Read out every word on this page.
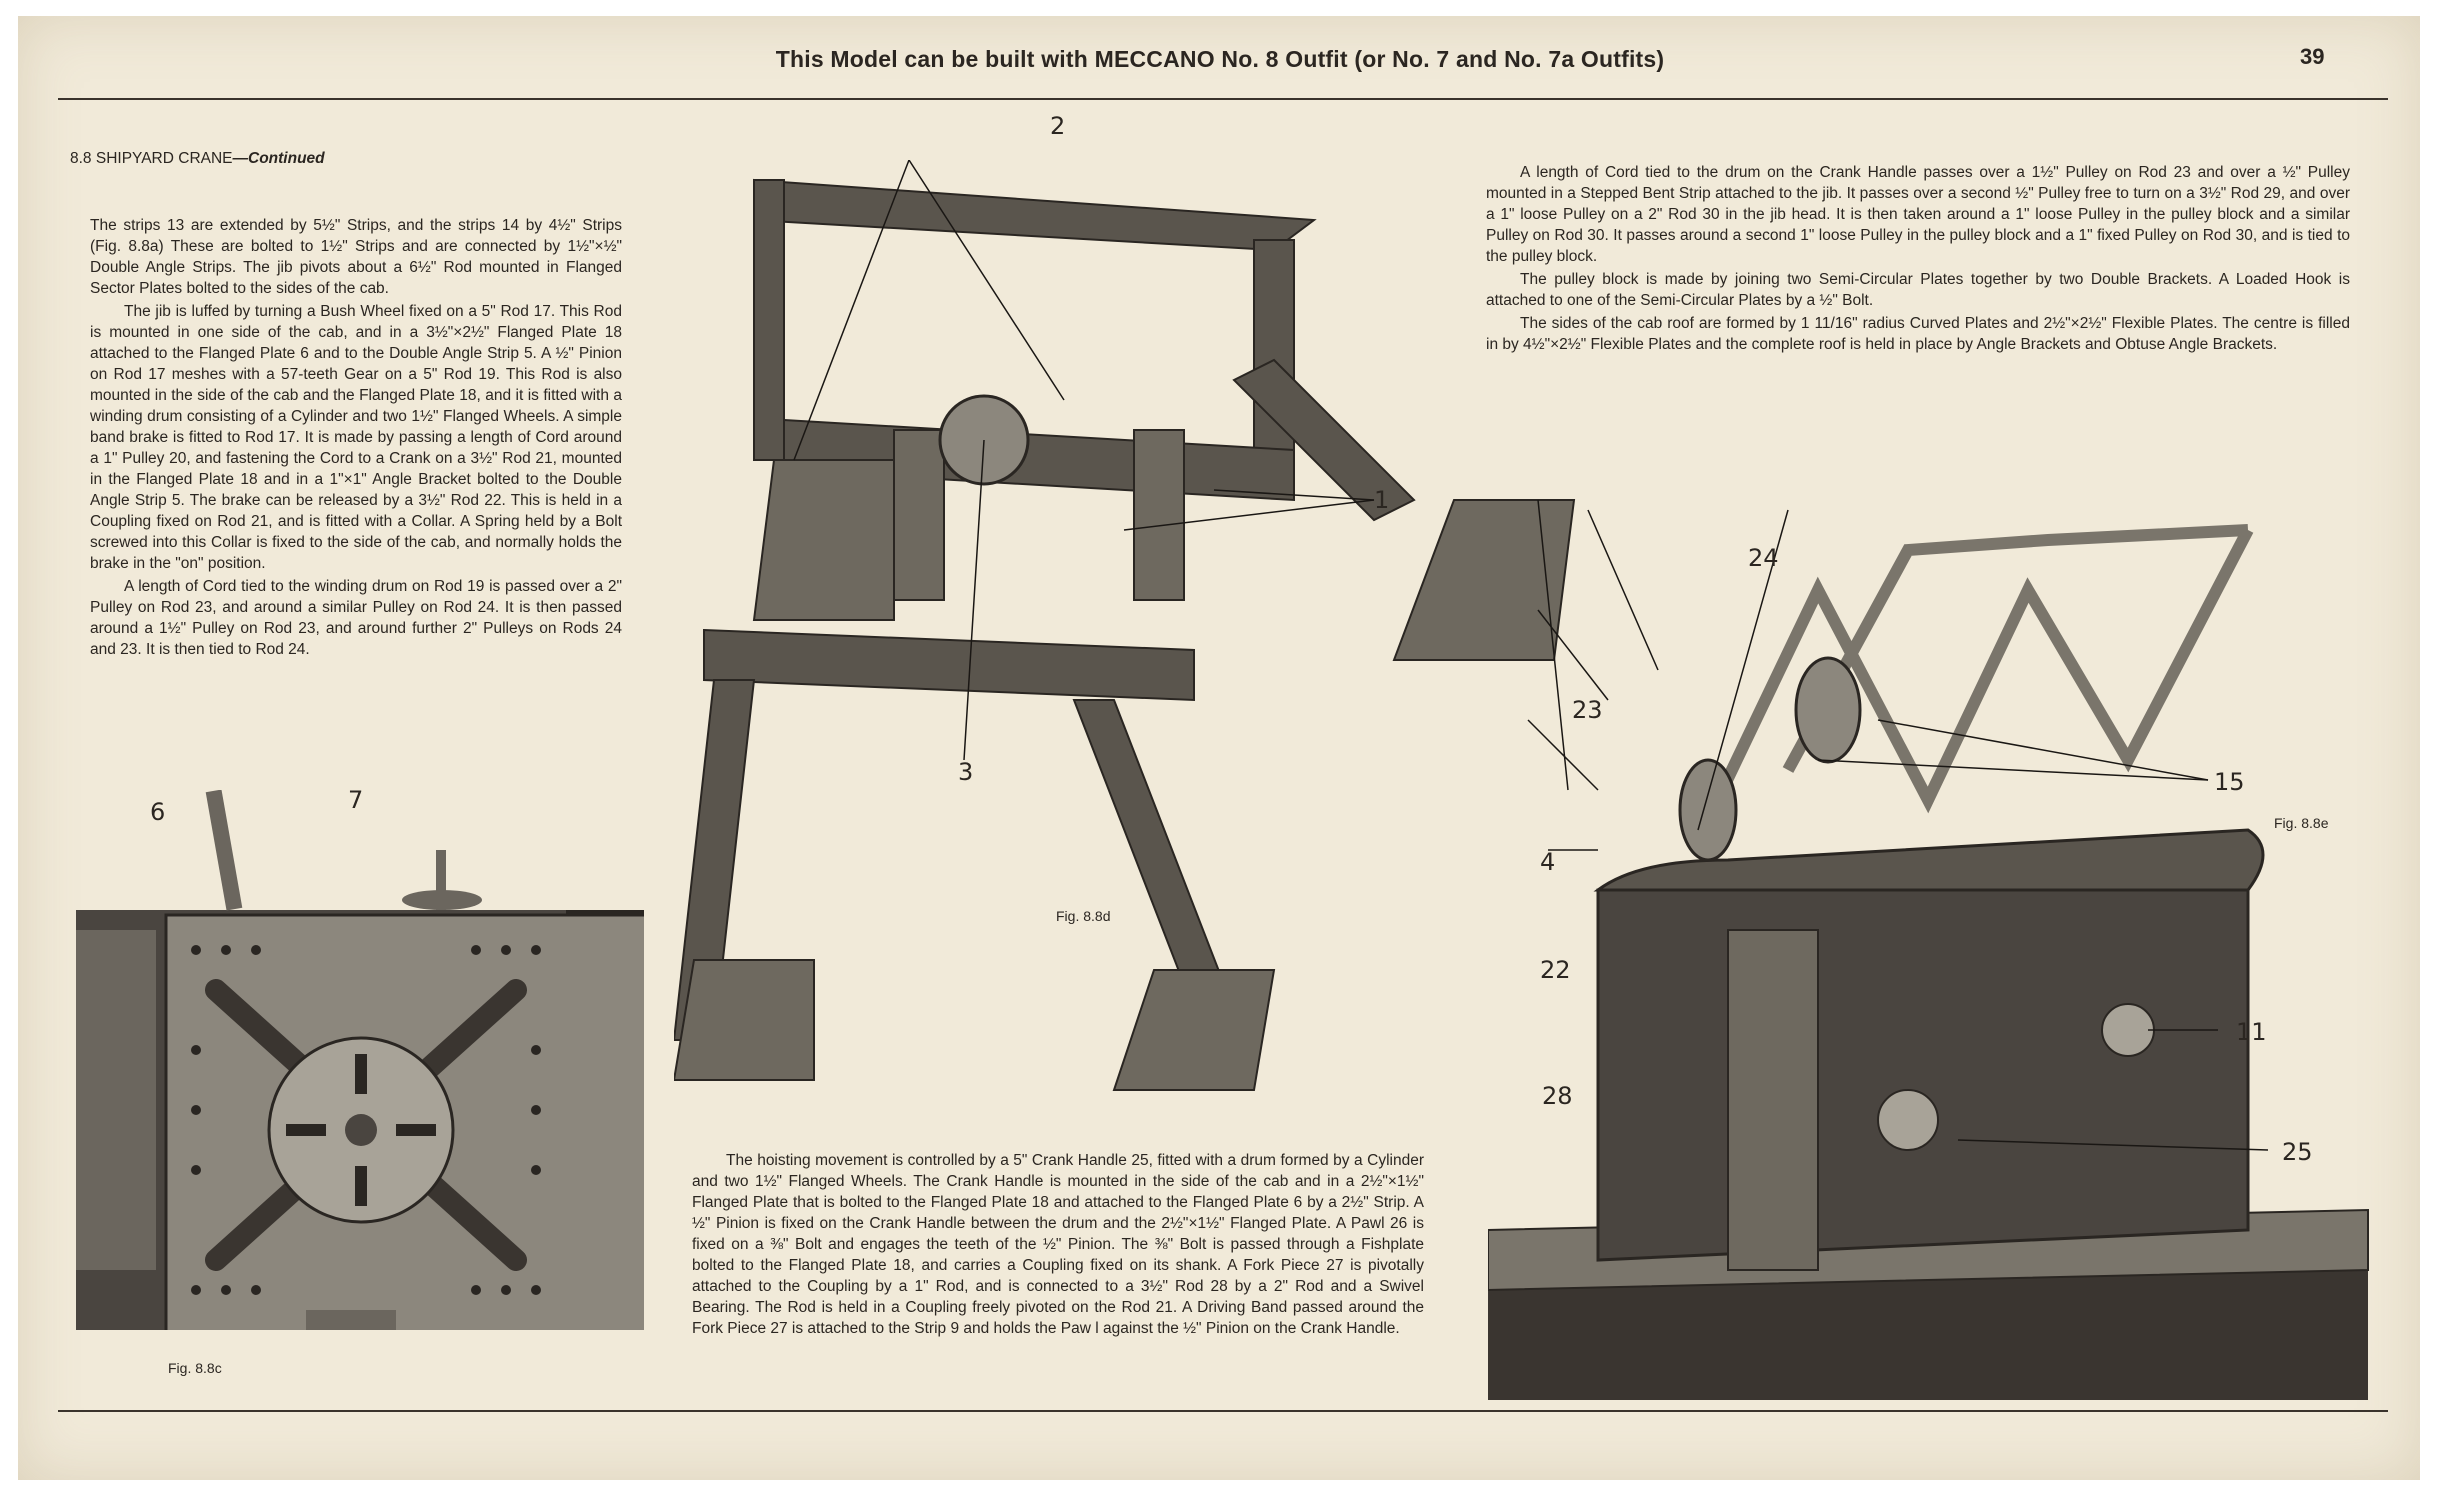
This Model can be built with MECCANO No. 8 Outfit (or No. 7 and No. 7a Outfits)	39
8.8 SHIPYARD CRANE—Continued

The strips 13 are extended by 5½" Strips, and the strips 14 by 4½" Strips (Fig. 8.8a) These are bolted to 1½" Strips and are connected by 1½"×½" Double Angle Strips. The jib pivots about a 6½" Rod mounted in Flanged Sector Plates bolted to the sides of the cab.

The jib is luffed by turning a Bush Wheel fixed on a 5" Rod 17. This Rod is mounted in one side of the cab, and in a 3½"×2½" Flanged Plate 18 attached to the Flanged Plate 6 and to the Double Angle Strip 5. A ½" Pinion on Rod 17 meshes with a 57-teeth Gear on a 5" Rod 19. This Rod is also mounted in the side of the cab and the Flanged Plate 18, and it is fitted with a winding drum consisting of a Cylinder and two 1½" Flanged Wheels. A simple band brake is fitted to Rod 17. It is made by passing a length of Cord around a 1" Pulley 20, and fastening the Cord to a Crank on a 3½" Rod 21, mounted in the Flanged Plate 18 and in a 1"×1" Angle Bracket bolted to the Double Angle Strip 5. The brake can be released by a 3½" Rod 22. This is held in a Coupling fixed on Rod 21, and is fitted with a Collar. A Spring held by a Bolt screwed into this Collar is fixed to the side of the cab, and normally holds the brake in the "on" position.

A length of Cord tied to the winding drum on Rod 19 is passed over a 2" Pulley on Rod 23, and around a similar Pulley on Rod 24. It is then passed around a 1½" Pulley on Rod 23, and around further 2" Pulleys on Rods 24 and 23. It is then tied to Rod 24.

A length of Cord tied to the drum on the Crank Handle passes over a 1½" Pulley on Rod 23 and over a ½" Pulley mounted in a Stepped Bent Strip attached to the jib. It passes over a second ½" Pulley free to turn on a 3½" Rod 29, and over a 1" loose Pulley on a 2" Rod 30 in the jib head. It is then taken around a 1" loose Pulley in the pulley block and a similar Pulley on Rod 30. It passes around a second 1" loose Pulley in the pulley block and a 1" fixed Pulley on Rod 30, and is tied to the pulley block.

The pulley block is made by joining two Semi-Circular Plates together by two Double Brackets. A Loaded Hook is attached to one of the Semi-Circular Plates by a ½" Bolt.

The sides of the cab roof are formed by 1 11/16" radius Curved Plates and 2½"×2½" Flexible Plates. The centre is filled in by 4½"×2½" Flexible Plates and the complete roof is held in place by Angle Brackets and Obtuse Angle Brackets.

The hoisting movement is controlled by a 5" Crank Handle 25, fitted with a drum formed by a Cylinder and two 1½" Flanged Wheels. The Crank Handle is mounted in the side of the cab and in a 2½"×1½" Flanged Plate that is bolted to the Flanged Plate 18 and attached to the Flanged Plate 6 by a 2½" Strip. A ½" Pinion is fixed on the Crank Handle between the drum and the 2½"×1½" Flanged Plate. A Pawl 26 is fixed on a ⅜" Bolt and engages the teeth of the ½" Pinion. The ⅜" Bolt is passed through a Fishplate bolted to the Flanged Plate 18, and carries a Coupling fixed on its shank. A Fork Piece 27 is pivotally attached to the Coupling by a 1" Rod, and is connected to a 3½" Rod 28 by a 2" Rod and a Swivel Bearing. The Rod is held in a Coupling freely pivoted on the Rod 21. A Driving Band passed around the Fork Piece 27 is attached to the Strip 9 and holds the Paw l against the ½" Pinion on the Crank Handle.

6	7
Fig. 8.8c
2
1
3
Fig. 8.8d
24
23
15
4
22
11
28
25
Fig. 8.8e
